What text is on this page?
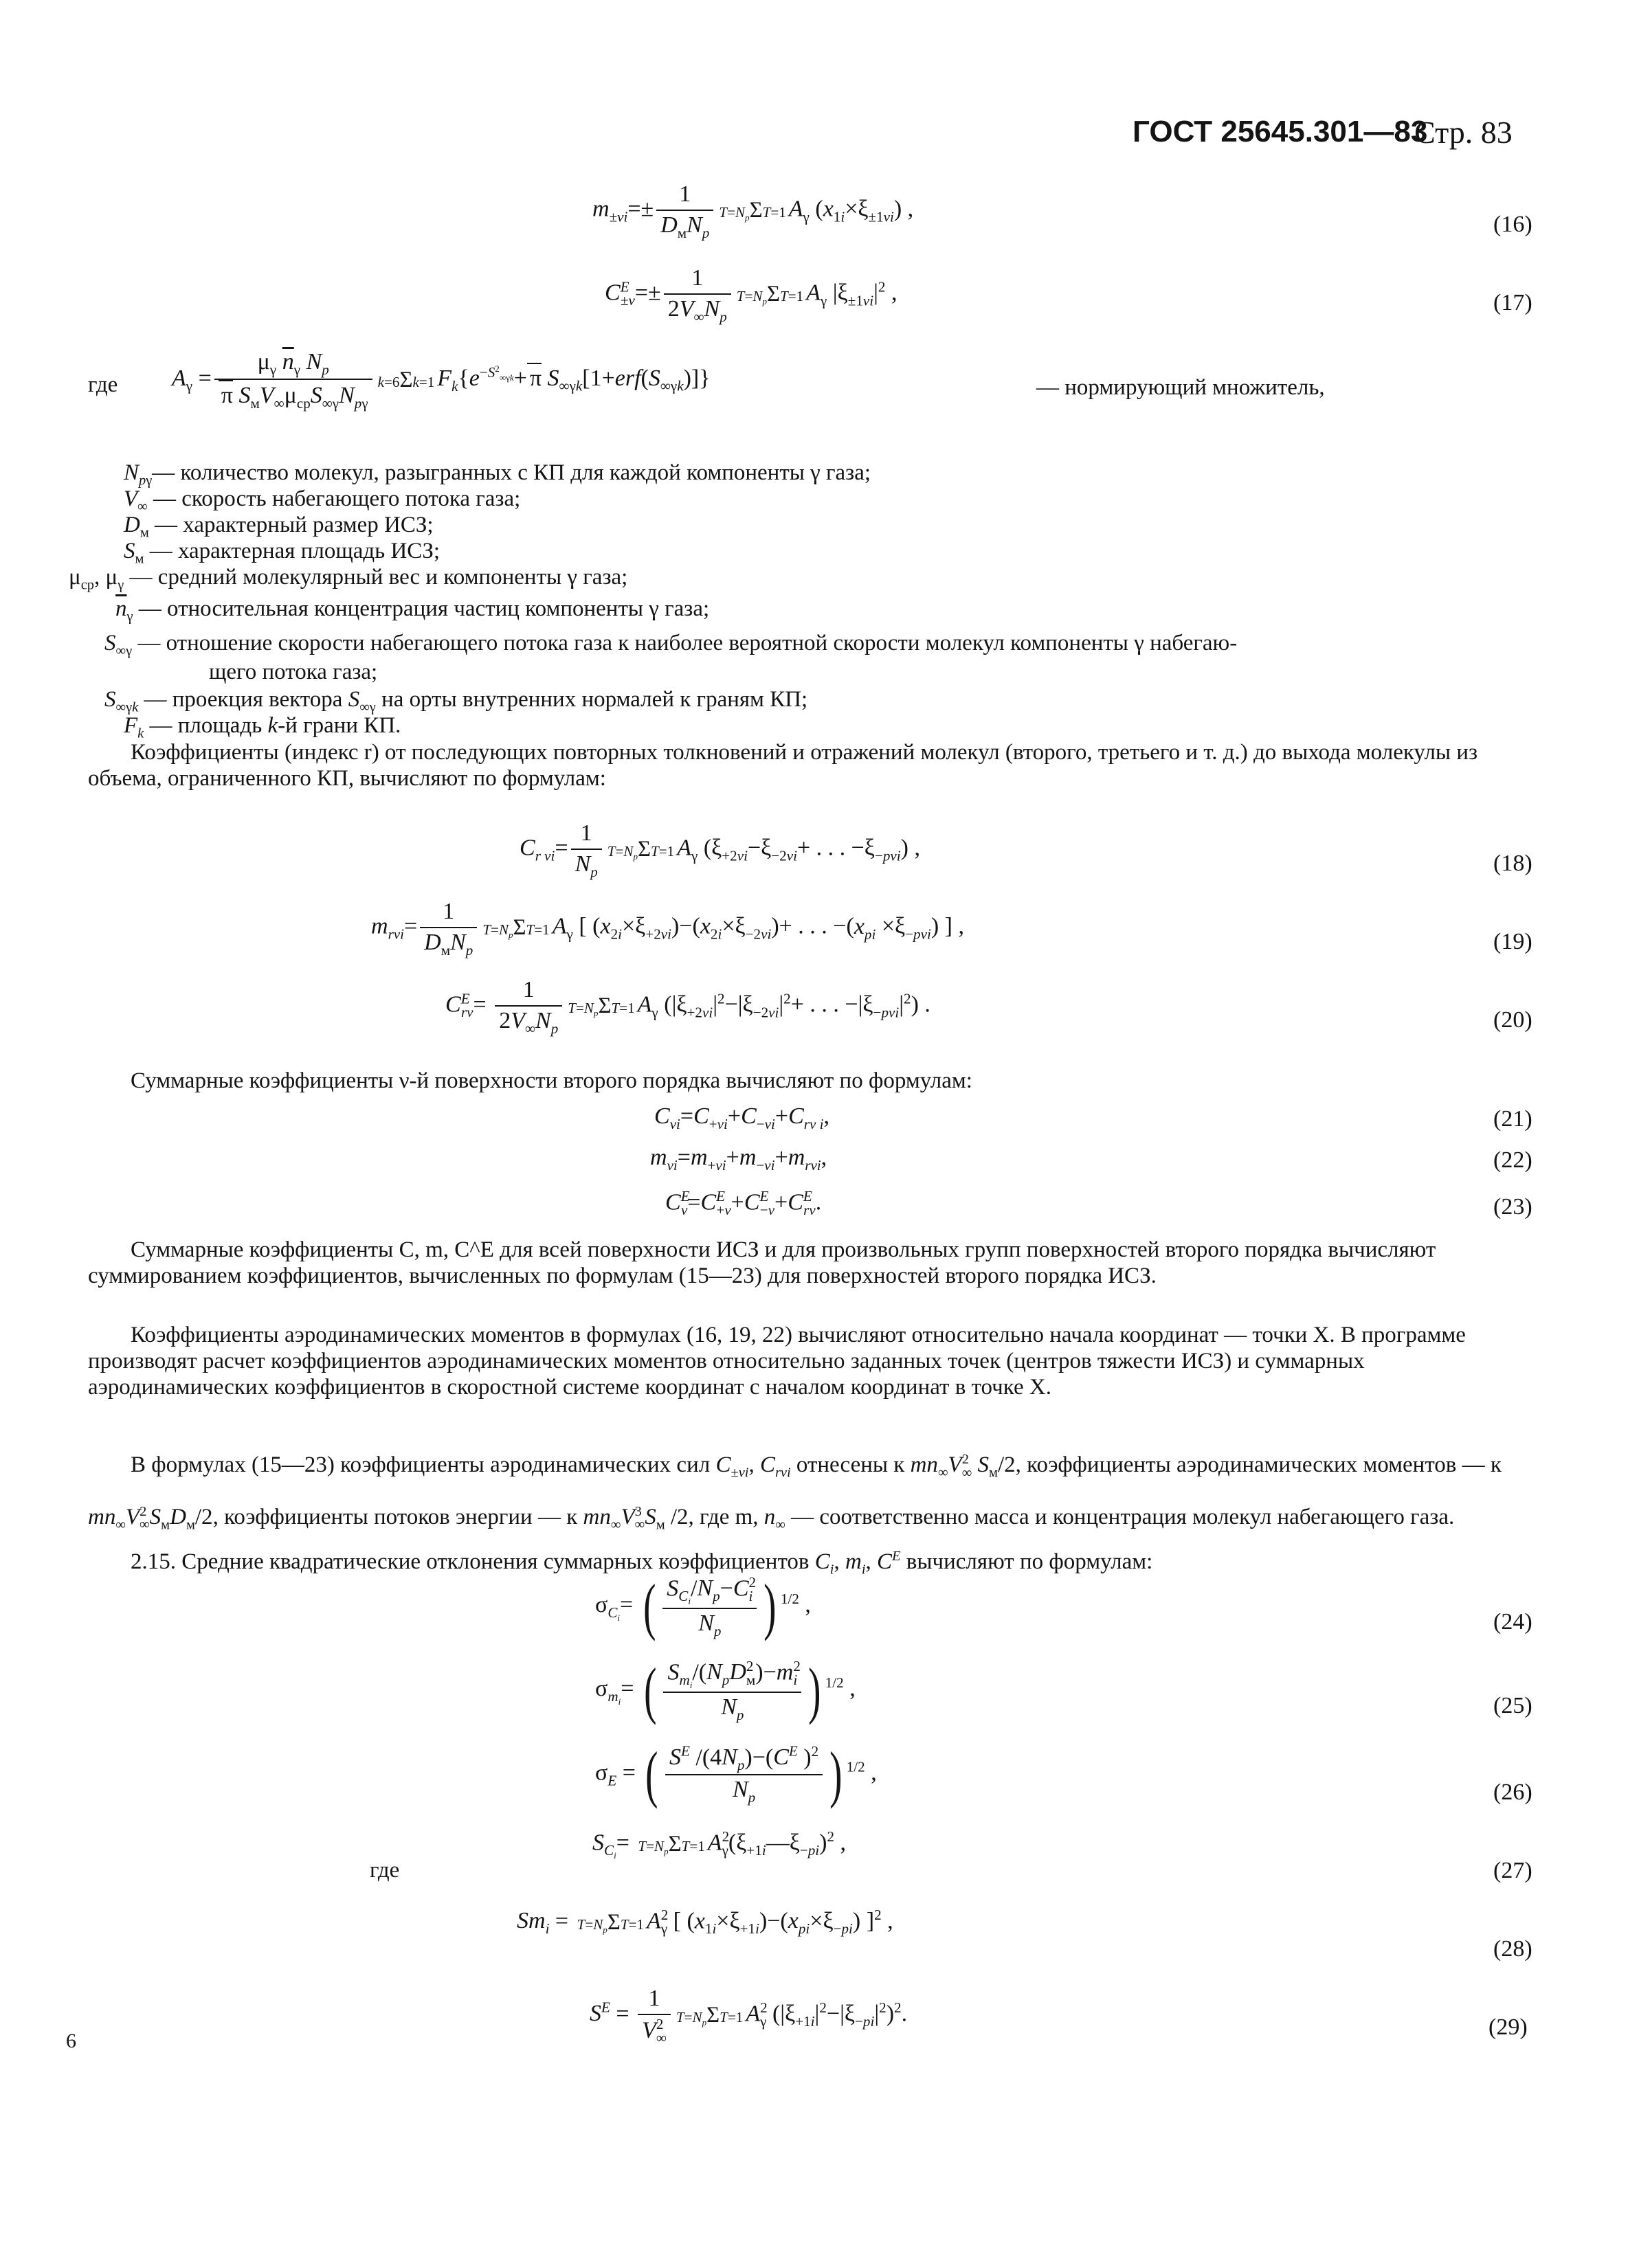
ГОСТ 25645.301—83
Стр. 83
$m_{\pm vi}=\pm \frac{1}{D_мN_p} T=N_p\Sigma T=1$ $A_\gamma$ $(x_{1i}\times\xi_{\pm 1vi})$ ,
(16)
$C^E_{\pm v}=\pm \frac{1}{2V_\infty N_p} T=N_p\Sigma T=1$ $A_\gamma$ $|\xi_{\pm 1vi}|^2$ ,	(17)
где $A_\gamma = \frac{\mu_\gamma \overline{n}_\gamma N_p}{\pi S_мV_\infty\mu_{ср}S_{\infty\gamma}N_{p\gamma}} k=6\Sigma k=1$ $F_k\{e^{-S^2_{\infty\gamma k}}+ \pi$ $S_{\infty\gamma k}[1+erf(S_{\infty\gamma k})]$}	— нормирующий множитель,
$N_{p\gamma}—$ количество молекул, разыгранных с КП для каждой компоненты γ газа;
$V_\infty$ — скорость набегающего потока газа;
$D_м$ — характерный размер ИСЗ;
$S_м$ — характерная площадь ИСЗ;
$\mu_{ср}$, $\mu_\gamma$ — средний молекулярный вес и компоненты γ газа;
$\overline{n}_\gamma$ — относительная концентрация частиц компоненты γ газа;
$S_{\infty\gamma}$ — отношение скорости набегающего потока газа к наиболее вероятной скорости молекул компоненты γ набегаю-
щего потока газа;
$S_{\infty\gamma k}$ — проекция вектора $S_{\infty\gamma}$ на орты внутренних нормалей к граням КП;
$F_k$ — площадь k-й грани КП.
Коэффициенты (индекс r) от последующих повторных толкновений и отражений молекул (второго, третьего и т. д.) до выхода молекулы из объема, ограниченного КП, вычисляют по формулам:
$C_{r vi}= \frac{1}{N_p} T=N_p\Sigma T=1$ $A_\gamma$ ($\xi_{+2vi}-\xi_{-2vi}+$ . . . $-\xi_{-pvi}$) ,
(18)
$m_{rvi}= \frac{1}{D_мN_p} T=N_p\Sigma T=1$ $A_\gamma$ [ $(x_{2i}\times\xi_{+2vi})-(x_{2i}\times\xi_{-2vi})+$ . . . $-(x_{pi} \times\xi_{-pvi})$ ] ,
(19)
$C^E_{rv}= \frac{1}{2V_\infty N_p} T=N_p\Sigma T=1$ $A_\gamma$ ($|\xi_{+2vi}|^2-|\xi_{-2vi}|^2+$ . . . $-|\xi_{-pvi}|^2$) .
(20)
Суммарные коэффициенты ν-й поверхности второго порядка вычисляют по формулам:
$C_{vi}=C_{+vi}+C_{-vi}+C_{rv i}$,	(21)
$m_{vi}=m_{+vi}+m_{-vi}+m_{rvi}$,	(22)
$C^E_v=C^E_{+v}+C^E_{-v}+C^E_{rv}$.	(23)
Суммарные коэффициенты C, m, C^E для всей поверхности ИСЗ и для произвольных групп поверхностей второго порядка вычисляют суммированием коэффициентов, вычисленных по формулам (15—23) для поверхностей второго порядка ИСЗ.
Коэффициенты аэродинамических моментов в формулах (16, 19, 22) вычисляют относительно начала координат — точки X. В программе производят расчет коэффициентов аэродинамических моментов относительно заданных точек (центров тяжести ИСЗ) и суммарных аэродинамических коэффициентов в скоростной системе координат с началом координат в точке X.
В формулах (15—23) коэффициенты аэродинамических сил $C_{\pm vi}$, $C_{rvi}$ отнесены к $mn_\infty V^2_\infty$ $S_м/2$, коэффициенты аэродинамических моментов — к $mn_\infty V^2_\infty S_мD_м/2$, коэффициенты потоков энергии — к $mn_\infty V^3_\infty S_м$ /2, где m, $n_\infty$ — соответственно масса и концентрация молекул набегающего газа.
2.15. Средние квадратические отклонения суммарных коэффициентов $C_i$, $m_i$, $C^E$ вычисляют по формулам:
$\sigma_{C_i}=$ ( $\frac{S_{C_i}/N_p-C^2_i}{N_p}$ ) $^{1/2}$ ,
(24)
$\sigma_{m_i}=$ ( $\frac{S_{m_i}/(N_pD^2_м)-m^2_i}{N_p}$ ) $^{1/2}$ ,
(25)
$\sigma_E$ = ( $\frac{S^E /(4N_p)-(C^E )^2}{N_p}$ ) $^{1/2}$ ,
(26)
где
$S_{C_i}= T=N_p\Sigma T=1$ $A^2_\gamma(\xi_{+1i}—\xi_{-pi})^2$ ,
(27)
$Sm_i = T=N_p\Sigma T=1$ $A^2_\gamma$ [ $(x_{1i}\times\xi_{+1i})-(x_{pi}\times\xi_{-pi})$ ]$^2$ ,
(28)
$S^E = \frac{1}{V^2_\infty} T=N_p\Sigma T=1$ $A^2_\gamma$ $(|\xi_{+1i}|^2-|\xi_{-pi}|^2)^2$.
(29)
6
